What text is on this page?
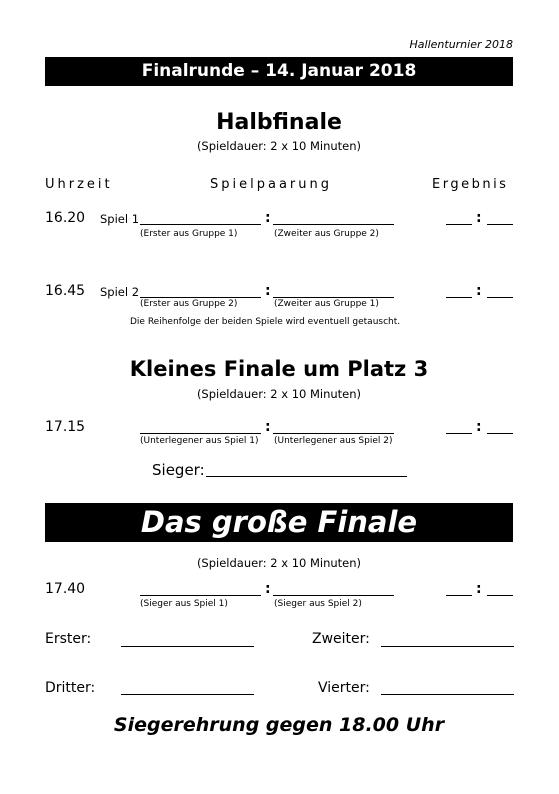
Hallenturnier 2018
Finalrunde – 14. Januar 2018
Halbfinale
(Spieldauer: 2 x 10 Minuten)
Uhrzeit	Spielpaarung	Ergebnis
16.20 Spiel 1	:	:
(Erster aus Gruppe 1)	(Zweiter aus Gruppe 2)
16.45 Spiel 2	:	:
(Erster aus Gruppe 2)	(Zweiter aus Gruppe 1)
Die Reihenfolge der beiden Spiele wird eventuell getauscht.
Kleines Finale um Platz 3
(Spieldauer: 2 x 10 Minuten)
17.15	:	:
(Unterlegener aus Spiel 1) (Unterlegener aus Spiel 2)
Sieger:
Das große Finale
(Spieldauer: 2 x 10 Minuten)
17.40	:	:
(Sieger aus Spiel 1)	(Sieger aus Spiel 2)
Erster:	Zweiter:
Dritter:	Vierter:
Siegerehrung gegen 18.00 Uhr
